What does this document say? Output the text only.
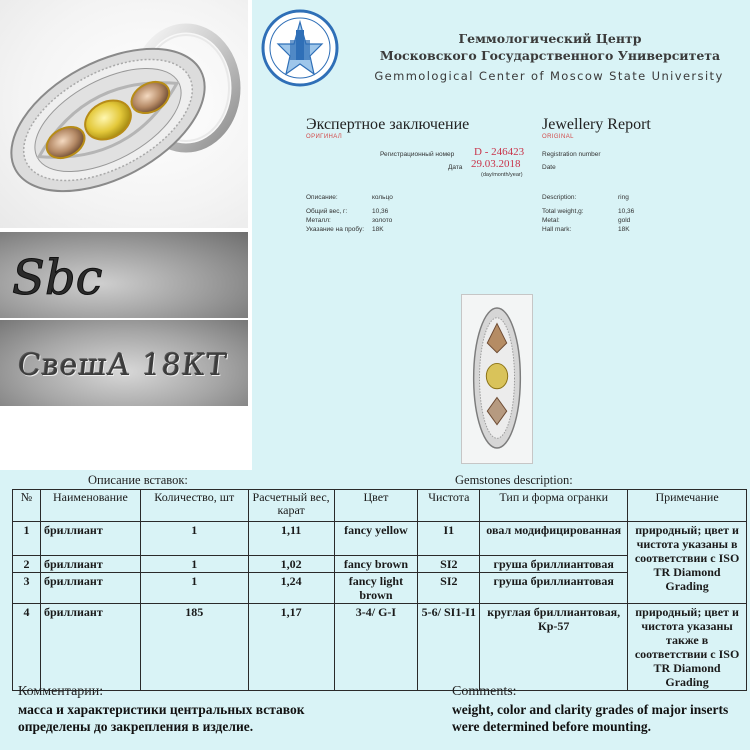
Sbc
СвешА 18КТ
Геммологический Центр
Московского Государственного Университета
Gemmological Center of Moscow State University
Экспертное заключение
ОРИГИНАЛ
Jewellery Report
ORIGINAL
Регистрационный номер
Дата
D - 246423
29.03.2018
(day/month/year)
Registration number
Date
Описание:	кольцо
Общий вес, г:	10,36
Металл:	золото
Указание на пробу: 18K
Description:	ring
Total weight,g:	10,36
Metal:	gold
Hall mark:	18K
Описание вставок:	Gemstones description:
№	Наименование	Количество, шт	Расчетный вес, карат	Цвет	Чистота	Тип и форма огранки	Примечание
1	бриллиант	1	1,11	fancy yellow	I1	овал модифицированная	природный; цвет и чистота указаны в соответствии с ISO TR Diamond Grading
2	бриллиант	1	1,02	fancy brown	SI2	груша бриллиантовая	
3	бриллиант	1	1,24	fancy light brown	SI2	груша бриллиантовая	
4	бриллиант	185	1,17	3-4/ G-I	5-6/ SI1-I1	круглая бриллиантовая, Кр-57	природный; цвет и чистота указаны также в соответствии с ISO TR Diamond Grading
Комментарии:
масса и характеристики центральных вставок
определены до закрепления в изделие.
Comments:
weight, color and clarity grades of major inserts
were determined before mounting.
